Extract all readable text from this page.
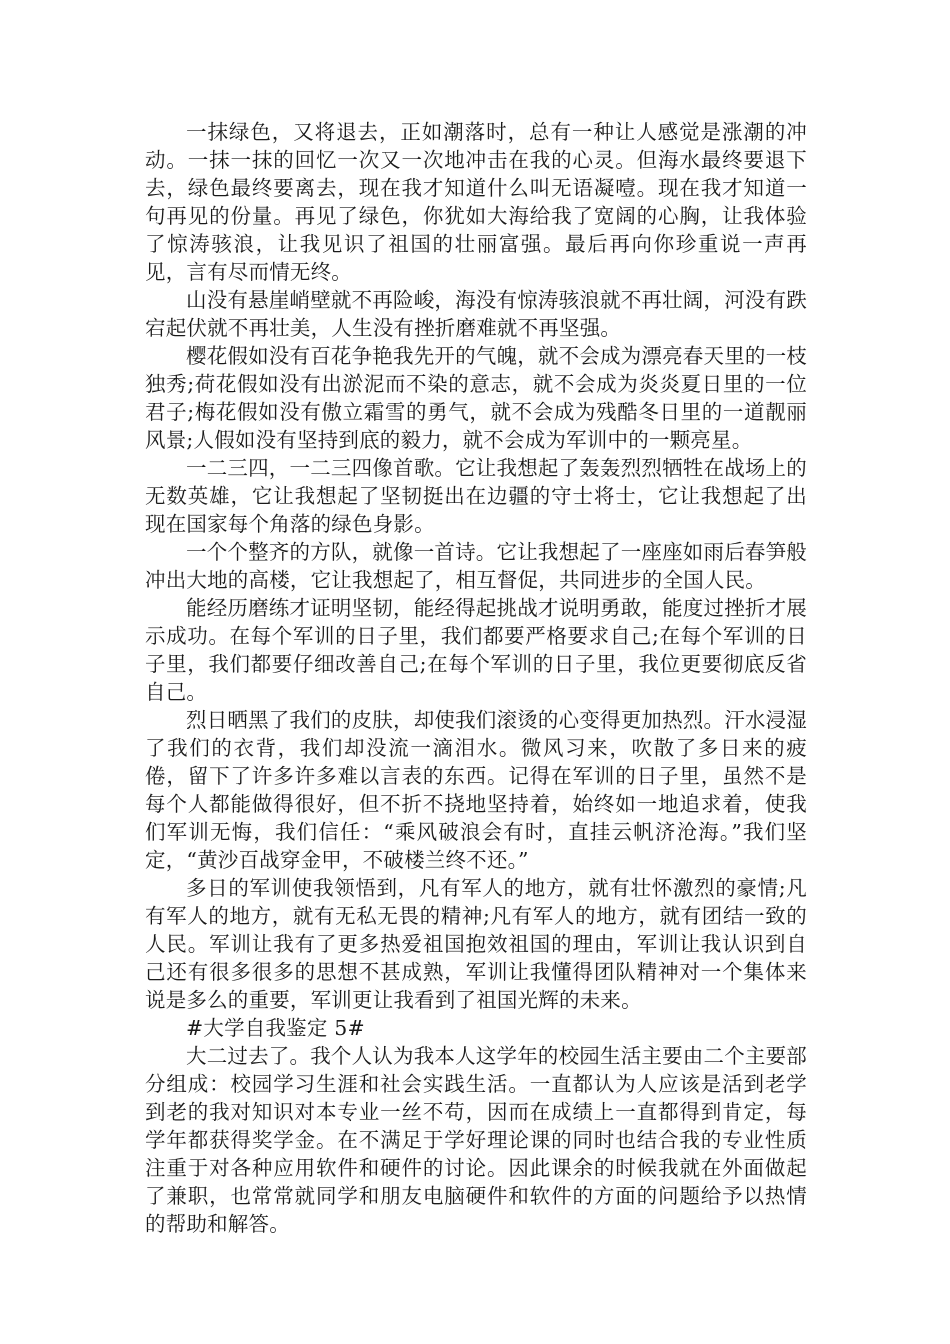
一抹绿色，又将退去，正如潮落时，总有一种让人感觉是涨潮的冲动。一抹一抹的回忆一次又一次地冲击在我的心灵。但海水最终要退下去，绿色最终要离去，现在我才知道什么叫无语凝噎。现在我才知道一句再见的份量。再见了绿色，你犹如大海给我了宽阔的心胸，让我体验了惊涛骇浪，让我见识了祖国的壮丽富强。最后再向你珍重说一声再见，言有尽而情无终。

山没有悬崖峭壁就不再险峻，海没有惊涛骇浪就不再壮阔，河没有跌宕起伏就不再壮美，人生没有挫折磨难就不再坚强。

樱花假如没有百花争艳我先开的气魄，就不会成为漂亮春天里的一枝独秀;荷花假如没有出淤泥而不染的意志，就不会成为炎炎夏日里的一位君子;梅花假如没有傲立霜雪的勇气，就不会成为残酷冬日里的一道靓丽风景;人假如没有坚持到底的毅力，就不会成为军训中的一颗亮星。

一二三四，一二三四像首歌。它让我想起了轰轰烈烈牺牲在战场上的无数英雄，它让我想起了坚韧挺出在边疆的守士将士，它让我想起了出现在国家每个角落的绿色身影。

一个个整齐的方队，就像一首诗。它让我想起了一座座如雨后春笋般冲出大地的高楼，它让我想起了，相互督促，共同进步的全国人民。

能经历磨练才证明坚韧，能经得起挑战才说明勇敢，能度过挫折才展示成功。在每个军训的日子里，我们都要严格要求自己;在每个军训的日子里，我们都要仔细改善自己;在每个军训的日子里，我位更要彻底反省自己。

烈日晒黑了我们的皮肤，却使我们滚烫的心变得更加热烈。汗水浸湿了我们的衣背，我们却没流一滴泪水。微风习来，吹散了多日来的疲倦，留下了许多许多难以言表的东西。记得在军训的日子里，虽然不是每个人都能做得很好，但不折不挠地坚持着，始终如一地追求着，使我们军训无悔，我们信任：“乘风破浪会有时，直挂云帆济沧海。”我们坚定，“黄沙百战穿金甲，不破楼兰终不还。”

多日的军训使我领悟到，凡有军人的地方，就有壮怀激烈的豪情;凡有军人的地方，就有无私无畏的精神;凡有军人的地方，就有团结一致的人民。军训让我有了更多热爱祖国抱效祖国的理由，军训让我认识到自己还有很多很多的思想不甚成熟，军训让我懂得团队精神对一个集体来说是多么的重要，军训更让我看到了祖国光辉的未来。

#大学自我鉴定 5#

大二过去了。我个人认为我本人这学年的校园生活主要由二个主要部分组成：校园学习生涯和社会实践生活。一直都认为人应该是活到老学到老的我对知识对本专业一丝不苟，因而在成绩上一直都得到肯定，每学年都获得奖学金。在不满足于学好理论课的同时也结合我的专业性质注重于对各种应用软件和硬件的讨论。因此课余的时候我就在外面做起了兼职，也常常就同学和朋友电脑硬件和软件的方面的问题给予以热情的帮助和解答。
